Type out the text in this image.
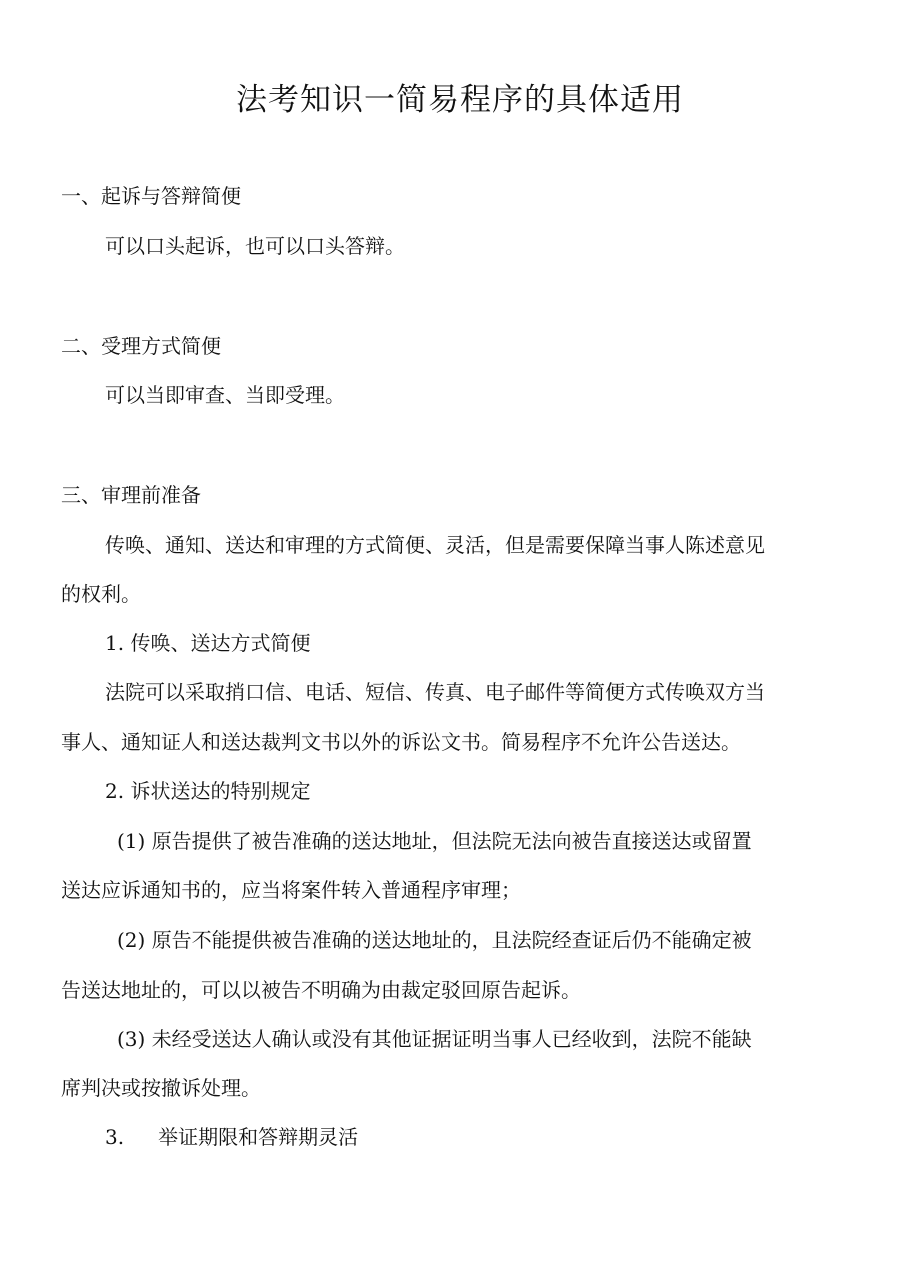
法考知识一简易程序的具体适用
一、起诉与答辩简便
可以口头起诉，也可以口头答辩。
二、受理方式简便
可以当即审查、当即受理。
三、审理前准备
传唤、通知、送达和审理的方式简便、灵活，但是需要保障当事人陈述意见
的权利。
1. 传唤、送达方式简便
法院可以采取捎口信、电话、短信、传真、电子邮件等简便方式传唤双方当
事人、通知证人和送达裁判文书以外的诉讼文书。简易程序不允许公告送达。
2. 诉状送达的特别规定
(1) 原告提供了被告准确的送达地址，但法院无法向被告直接送达或留置
送达应诉通知书的，应当将案件转入普通程序审理；
(2) 原告不能提供被告准确的送达地址的，且法院经查证后仍不能确定被
告送达地址的，可以以被告不明确为由裁定驳回原告起诉。
(3) 未经受送达人确认或没有其他证据证明当事人已经收到，法院不能缺
席判决或按撤诉处理。
3. 举证期限和答辩期灵活
